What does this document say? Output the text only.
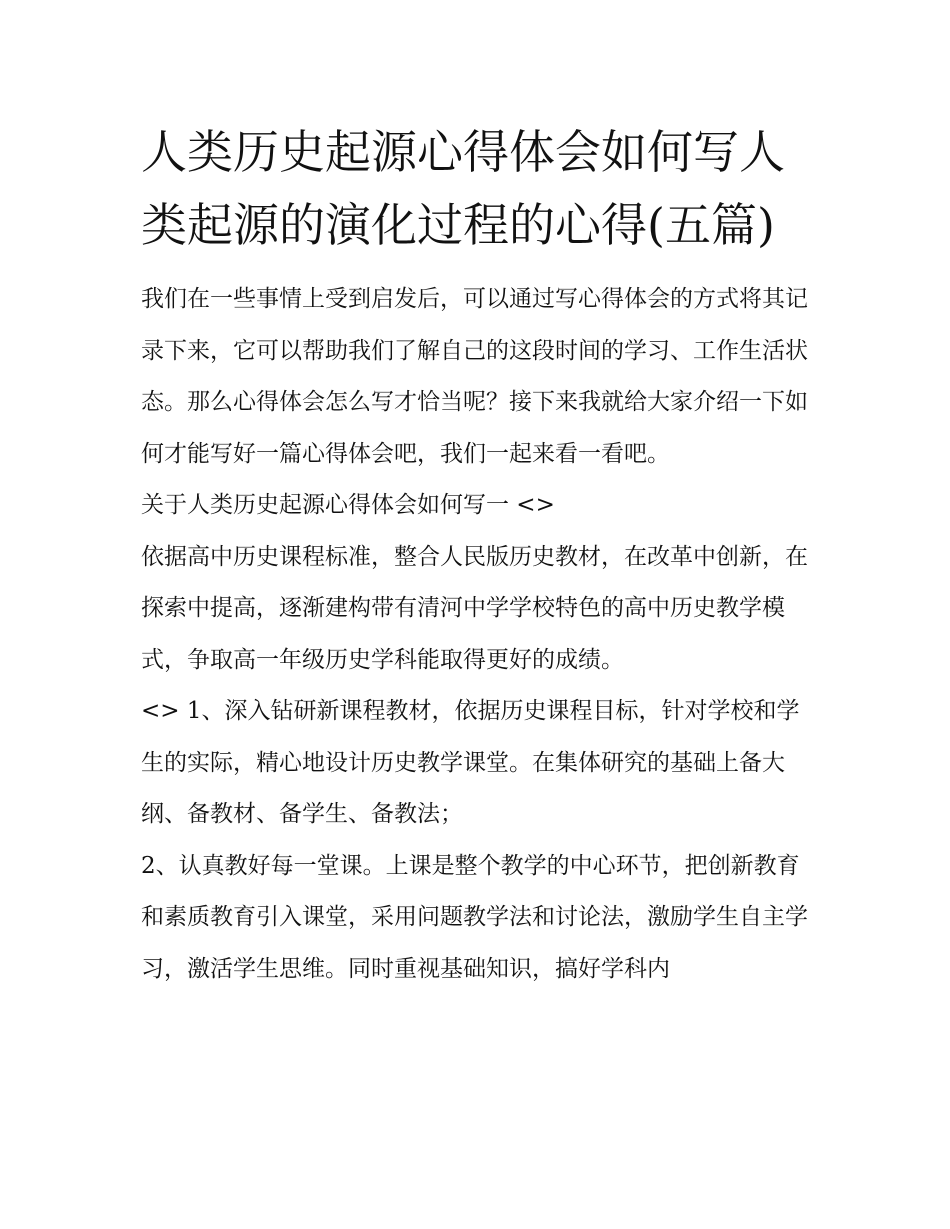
人类历史起源心得体会如何写人类起源的演化过程的心得(五篇)

我们在一些事情上受到启发后，可以通过写心得体会的方式将其记录下来，它可以帮助我们了解自己的这段时间的学习、工作生活状态。那么心得体会怎么写才恰当呢？接下来我就给大家介绍一下如何才能写好一篇心得体会吧，我们一起来看一看吧。

关于人类历史起源心得体会如何写一 <>

依据高中历史课程标准，整合人民版历史教材，在改革中创新，在探索中提高，逐渐建构带有清河中学学校特色的高中历史教学模式，争取高一年级历史学科能取得更好的成绩。

<> 1、深入钻研新课程教材，依据历史课程目标，针对学校和学生的实际，精心地设计历史教学课堂。在集体研究的基础上备大纲、备教材、备学生、备教法；

2、认真教好每一堂课。上课是整个教学的中心环节，把创新教育和素质教育引入课堂，采用问题教学法和讨论法，激励学生自主学习，激活学生思维。同时重视基础知识，搞好学科内
